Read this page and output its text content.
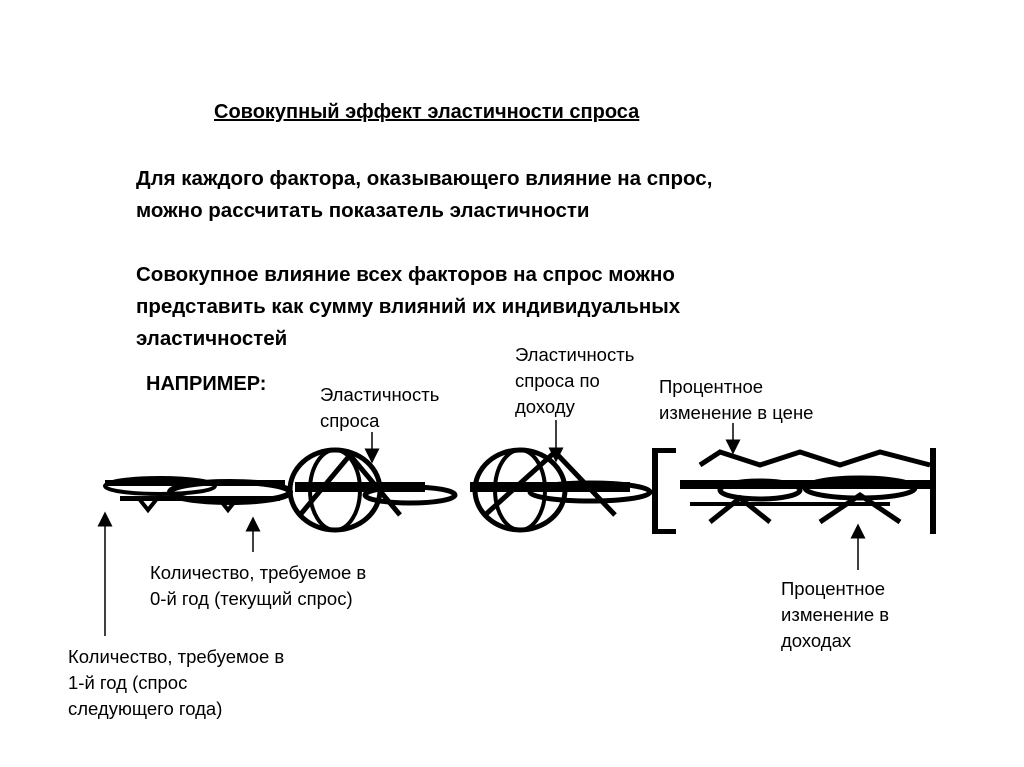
Совокупный эффект эластичности спроса
Для каждого фактора, оказывающего влияние на спрос,
можно рассчитать показатель эластичности
Совокупное влияние всех факторов на спрос можно
представить как сумму влияний их индивидуальных
эластичностей
НАПРИМЕР:	Эластичность
спроса
Эластичность
спроса по
доходу
Процентное
изменение в цене
Количество, требуемое в
0-й год (текущий спрос)	Процентное
изменение в
доходах
Количество, требуемое в
1-й год (спрос
следующего года)
